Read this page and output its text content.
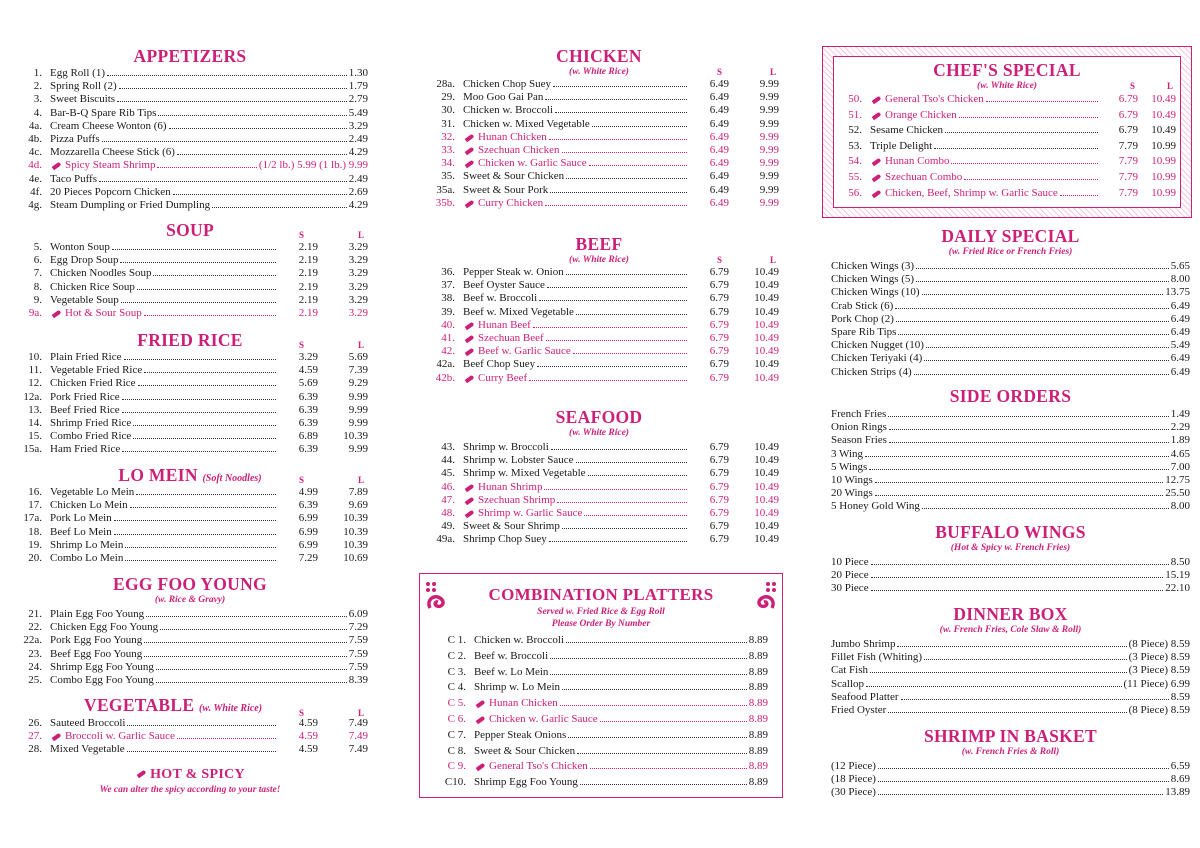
APPETIZERS
1. Egg Roll (1)	1.30
2. Spring Roll (2)	1.79
3. Sweet Biscuits	2.79
4. Bar-B-Q Spare Rib Tips	5.49
4a. Cream Cheese Wonton (6)	3.29
4b. Pizza Puffs	2.49
4c. Mozzarella Cheese Stick (6)	4.29
4d.	Spicy Steam Shrimp	(1/2 lb.) 5.99 (1 lb.) 9.99
4e. Taco Puffs	2.49
4f. 20 Pieces Popcorn Chicken	2.69
4g. Steam Dumpling or Fried Dumpling	4.29
SOUP	S	L
5. Wonton Soup	2.19	3.29
6. Egg Drop Soup	2.19	3.29
7. Chicken Noodles Soup	2.19	3.29
8. Chicken Rice Soup	2.19	3.29
9. Vegetable Soup	2.19	3.29
9a.	Hot & Sour Soup	2.19	3.29
FRIED RICE	S	L
10. Plain Fried Rice	3.29	5.69
11. Vegetable Fried Rice	4.59	7.39
12. Chicken Fried Rice	5.69	9.29
12a. Pork Fried Rice	6.39	9.99
13. Beef Fried Rice	6.39	9.99
14. Shrimp Fried Rice	6.39	9.99
15. Combo Fried Rice	6.89	10.39
15a. Ham Fried Rice	6.39	9.99
LO MEIN (Soft Noodles)	S	L
16. Vegetable Lo Mein	4.99	7.89
17. Chicken Lo Mein	6.39	9.69
17a. Pork Lo Mein	6.99	10.39
18. Beef Lo Mein	6.99	10.39
19. Shrimp Lo Mein	6.99	10.39
20. Combo Lo Mein	7.29	10.69
EGG FOO YOUNG
(w. Rice & Gravy)
21. Plain Egg Foo Young	6.09
22. Chicken Egg Foo Young	7.29
22a. Pork Egg Foo Young	7.59
23. Beef Egg Foo Young	7.59
24. Shrimp Egg Foo Young	7.59
25. Combo Egg Foo Young	8.39
VEGETABLE (w. White Rice)	S	L
26. Sauteed Broccoli	4.59	7.49
27.	Broccoli w. Garlic Sauce	4.59	7.49
28. Mixed Vegetable	4.59	7.49
HOT & SPICY
We can alter the spicy according to your taste!
CHICKEN
(w. White Rice)	S	L
28a. Chicken Chop Suey	6.49	9.99
29. Moo Goo Gai Pan	6.49	9.99
30. Chicken w. Broccoli	6.49	9.99
31. Chicken w. Mixed Vegetable	6.49	9.99
32.	Hunan Chicken	6.49	9.99
33.	Szechuan Chicken	6.49	9.99
34.	Chicken w. Garlic Sauce	6.49	9.99
35. Sweet & Sour Chicken	6.49	9.99
35a. Sweet & Sour Pork	6.49	9.99
35b.	Curry Chicken	6.49	9.99
BEEF
(w. White Rice)	S	L
36. Pepper Steak w. Onion	6.79	10.49
37. Beef Oyster Sauce	6.79	10.49
38. Beef w. Broccoli	6.79	10.49
39. Beef w. Mixed Vegetable	6.79	10.49
40.	Hunan Beef	6.79	10.49
41.	Szechuan Beef	6.79	10.49
42.	Beef w. Garlic Sauce	6.79	10.49
42a. Beef Chop Suey	6.79	10.49
42b.	Curry Beef	6.79	10.49
SEAFOOD
(w. White Rice)
43. Shrimp w. Broccoli	6.79	10.49
44. Shrimp w. Lobster Sauce	6.79	10.49
45. Shrimp w. Mixed Vegetable	6.79	10.49
46.	Hunan Shrimp	6.79	10.49
47.	Szechuan Shrimp	6.79	10.49
48.	Shrimp w. Garlic Sauce	6.79	10.49
49. Sweet & Sour Shrimp	6.79	10.49
49a. Shrimp Chop Suey	6.79	10.49
COMBINATION PLATTERS
Served w. Fried Rice & Egg Roll
Please Order By Number
C 1. Chicken w. Broccoli	8.89
C 2. Beef w. Broccoli	8.89
C 3. Beef w. Lo Mein	8.89
C 4. Shrimp w. Lo Mein	8.89
C 5.	Hunan Chicken	8.89
C 6.	Chicken w. Garlic Sauce	8.89
C 7. Pepper Steak Onions	8.89
C 8. Sweet & Sour Chicken	8.89
C 9.	General Tso's Chicken	8.89
C10. Shrimp Egg Foo Young	8.89
CHEF'S SPECIAL
(w. White Rice)	S	L
50.	General Tso's Chicken	6.79	10.49
51.	Orange Chicken	6.79	10.49
52. Sesame Chicken	6.79	10.49
53. Triple Delight	7.79	10.99
54.	Hunan Combo	7.79	10.99
55.	Szechuan Combo	7.79	10.99
56.	Chicken, Beef, Shrimp w. Garlic Sauce	7.79	10.99
DAILY SPECIAL
(w. Fried Rice or French Fries)
Chicken Wings (3)	5.65
Chicken Wings (5)	8.00
Chicken Wings (10)	13.75
Crab Stick (6)	6.49
Pork Chop (2)	6.49
Spare Rib Tips	6.49
Chicken Nugget (10)	5.49
Chicken Teriyaki (4)	6.49
Chicken Strips (4)	6.49
SIDE ORDERS
French Fries	1.49
Onion Rings	2.29
Season Fries	1.89
3 Wing	4.65
5 Wings	7.00
10 Wings	12.75
20 Wings	25.50
5 Honey Gold Wing	8.00
BUFFALO WINGS
(Hot & Spicy w. French Fries)
10 Piece	8.50
20 Piece	15.19
30 Piece	22.10
DINNER BOX
(w. French Fries, Cole Slaw & Roll)
Jumbo Shrimp	(8 Piece) 8.59
Fillet Fish (Whiting)	(3 Piece) 8.59
Cat Fish	(3 Piece) 8.59
Scallop	(11 Piece) 6.99
Seafood Platter	8.59
Fried Oyster	(8 Piece) 8.59
SHRIMP IN BASKET
(w. French Fries & Roll)
(12 Piece)	6.59
(18 Piece)	8.69
(30 Piece)	13.89
